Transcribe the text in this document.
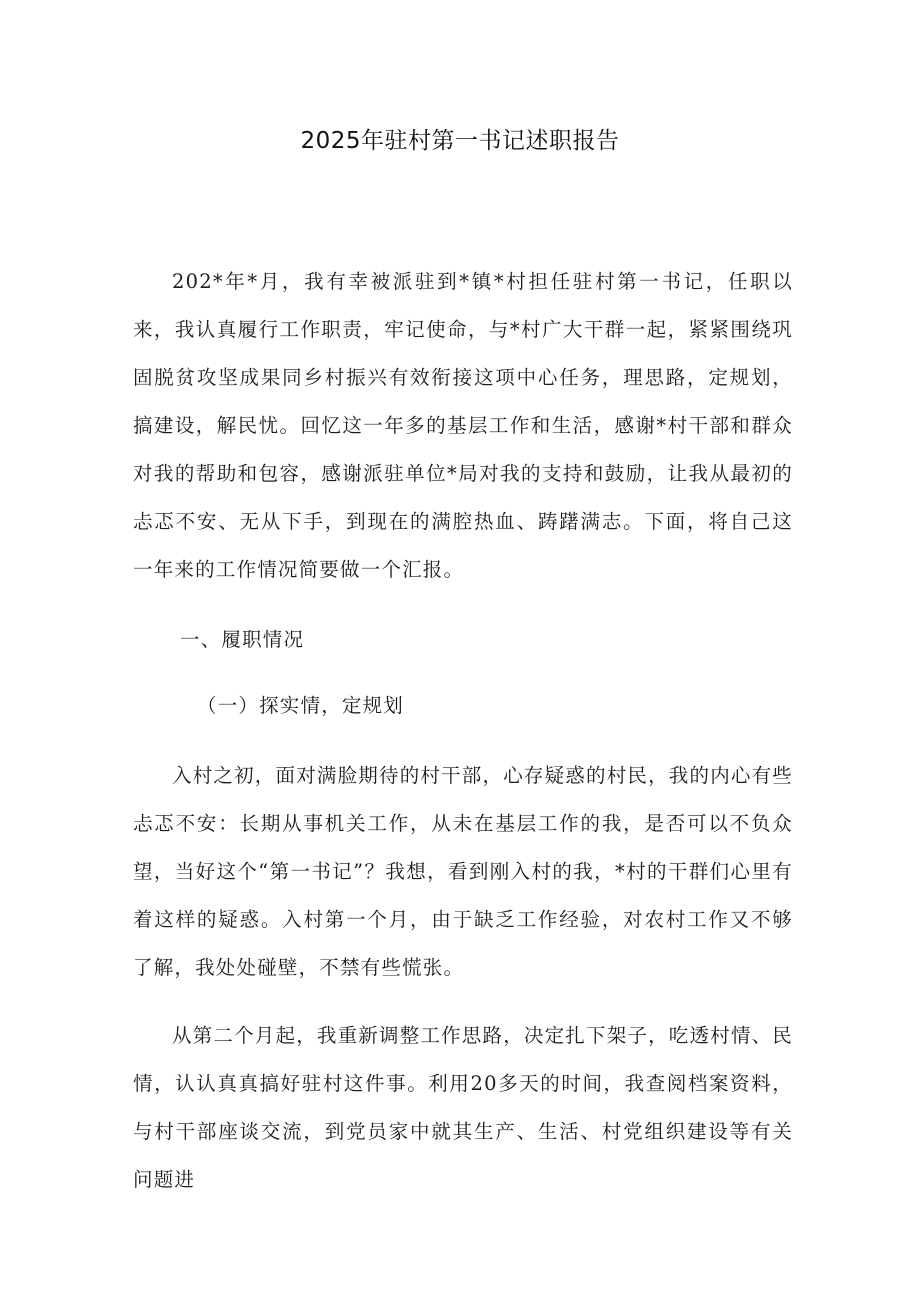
2025年驻村第一书记述职报告

202*年*月，我有幸被派驻到*镇*村担任驻村第一书记，任职以来，我认真履行工作职责，牢记使命，与*村广大干群一起，紧紧围绕巩固脱贫攻坚成果同乡村振兴有效衔接这项中心任务，理思路，定规划，搞建设，解民忧。回忆这一年多的基层工作和生活，感谢*村干部和群众对我的帮助和包容，感谢派驻单位*局对我的支持和鼓励，让我从最初的忐忑不安、无从下手，到现在的满腔热血、踌躇满志。下面，将自己这一年来的工作情况简要做一个汇报。

一、履职情况

（一）探实情，定规划

入村之初，面对满脸期待的村干部，心存疑惑的村民，我的内心有些忐忑不安：长期从事机关工作，从未在基层工作的我，是否可以不负众望，当好这个“第一书记”？我想，看到刚入村的我，*村的干群们心里有着这样的疑惑。入村第一个月，由于缺乏工作经验，对农村工作又不够了解，我处处碰壁，不禁有些慌张。

从第二个月起，我重新调整工作思路，决定扎下架子，吃透村情、民情，认认真真搞好驻村这件事。利用20多天的时间，我查阅档案资料，与村干部座谈交流，到党员家中就其生产、生活、村党组织建设等有关问题进
